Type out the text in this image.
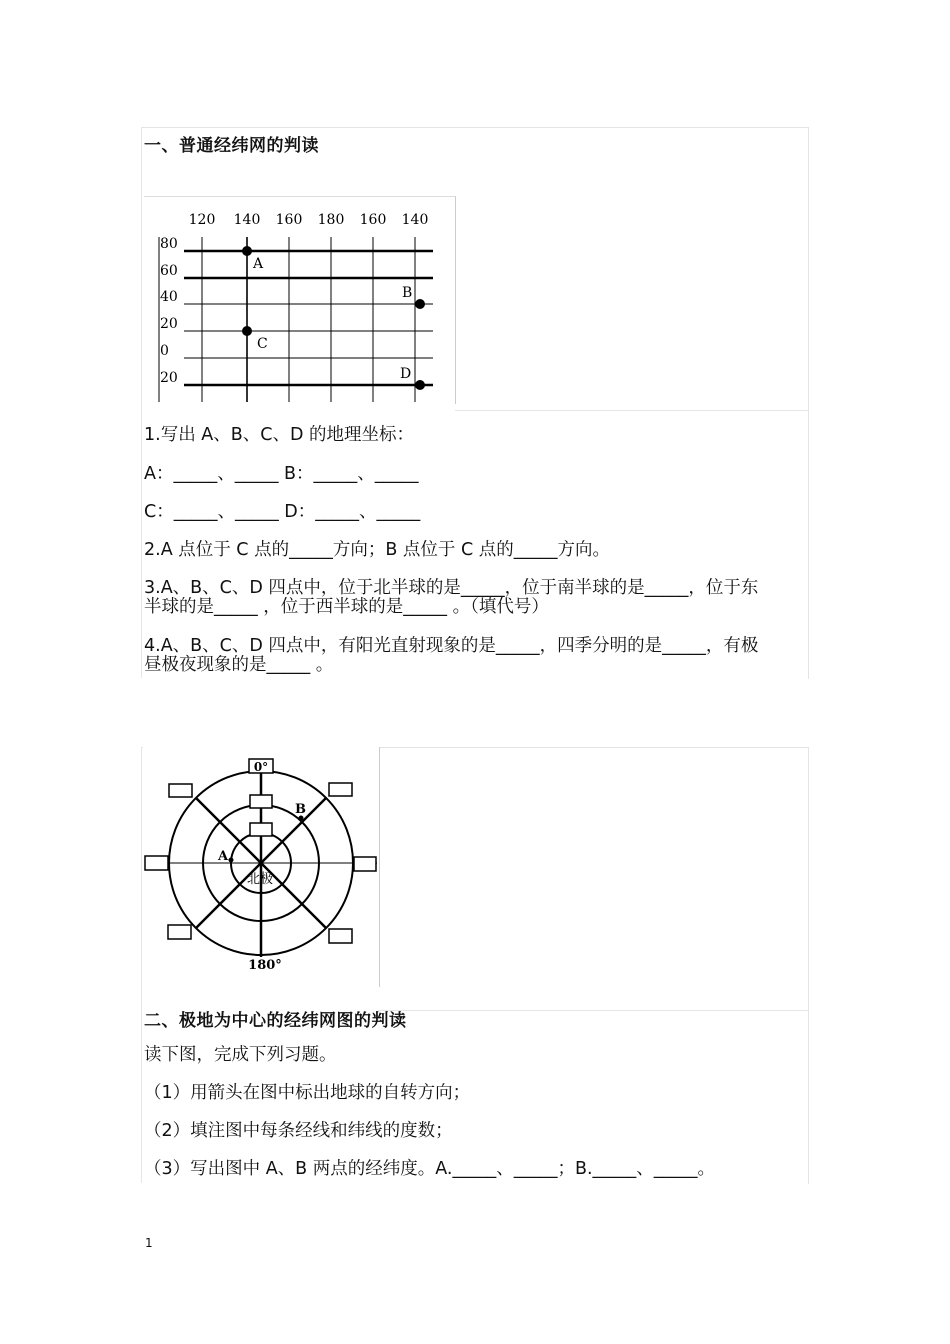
一、普通经纬网的判读
120 140 160 180 160 140
80
60
40
20
0
20
A
B
C
D
1.写出 A、B、C、D 的地理坐标：
A：_____、_____ B：_____、_____
C：_____、_____ D：_____、_____
2.A 点位于 C 点的_____方向；B 点位于 C 点的_____方向。
3.A、B、C、D 四点中，位于北半球的是_____，位于南半球的是_____，位于东
半球的是_____ ，位于西半球的是_____ 。（填代号）
4.A、B、C、D 四点中，有阳光直射现象的是_____，四季分明的是_____，有极
昼极夜现象的是_____ 。
0°
180°
北极
A
B
二、极地为中心的经纬网图的判读
读下图，完成下列习题。
（1）用箭头在图中标出地球的自转方向；
（2）填注图中每条经线和纬线的度数；
（3）写出图中 A、B 两点的经纬度。A._____、_____；B._____、_____。
1
